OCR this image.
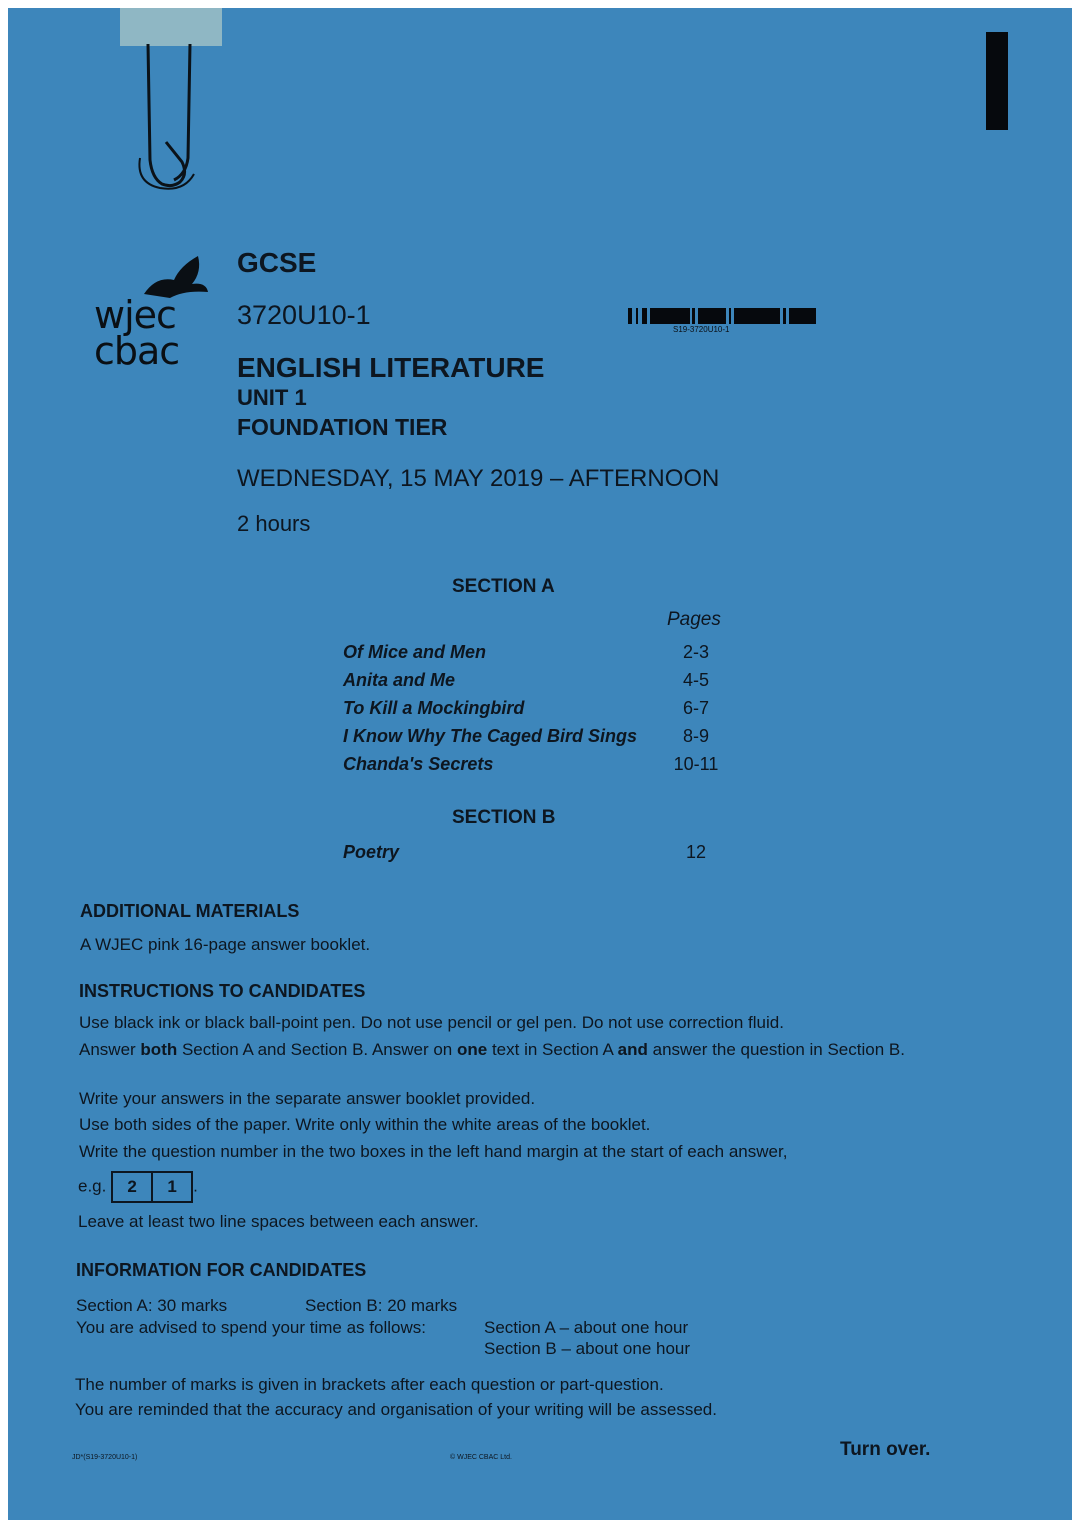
wjec
cbac
GCSE
3720U10-1	S19-3720U10-1
ENGLISH LITERATURE
UNIT 1
FOUNDATION TIER
WEDNESDAY, 15 MAY 2019 – AFTERNOON
2 hours
SECTION A
Pages
Of Mice and Men	2-3
Anita and Me	4-5
To Kill a Mockingbird	6-7
I Know Why The Caged Bird Sings	8-9
Chanda's Secrets	10-11
SECTION B
Poetry	12
ADDITIONAL MATERIALS
A WJEC pink 16-page answer booklet.
INSTRUCTIONS TO CANDIDATES
Use black ink or black ball-point pen. Do not use pencil or gel pen. Do not use correction fluid.
Answer both Section A and Section B. Answer on one text in Section A and answer the question in Section B.
Write your answers in the separate answer booklet provided.
Use both sides of the paper. Write only within the white areas of the booklet.
Write the question number in the two boxes in the left hand margin at the start of each answer,
e.g. 2 1 .
Leave at least two line spaces between each answer.
INFORMATION FOR CANDIDATES
Section A: 30 marks	Section B: 20 marks
You are advised to spend your time as follows:	Section A – about one hour
Section B – about one hour
The number of marks is given in brackets after each question or part-question.
You are reminded that the accuracy and organisation of your writing will be assessed.
JD*(S19-3720U10-1)	© WJEC CBAC Ltd.	Turn over.
